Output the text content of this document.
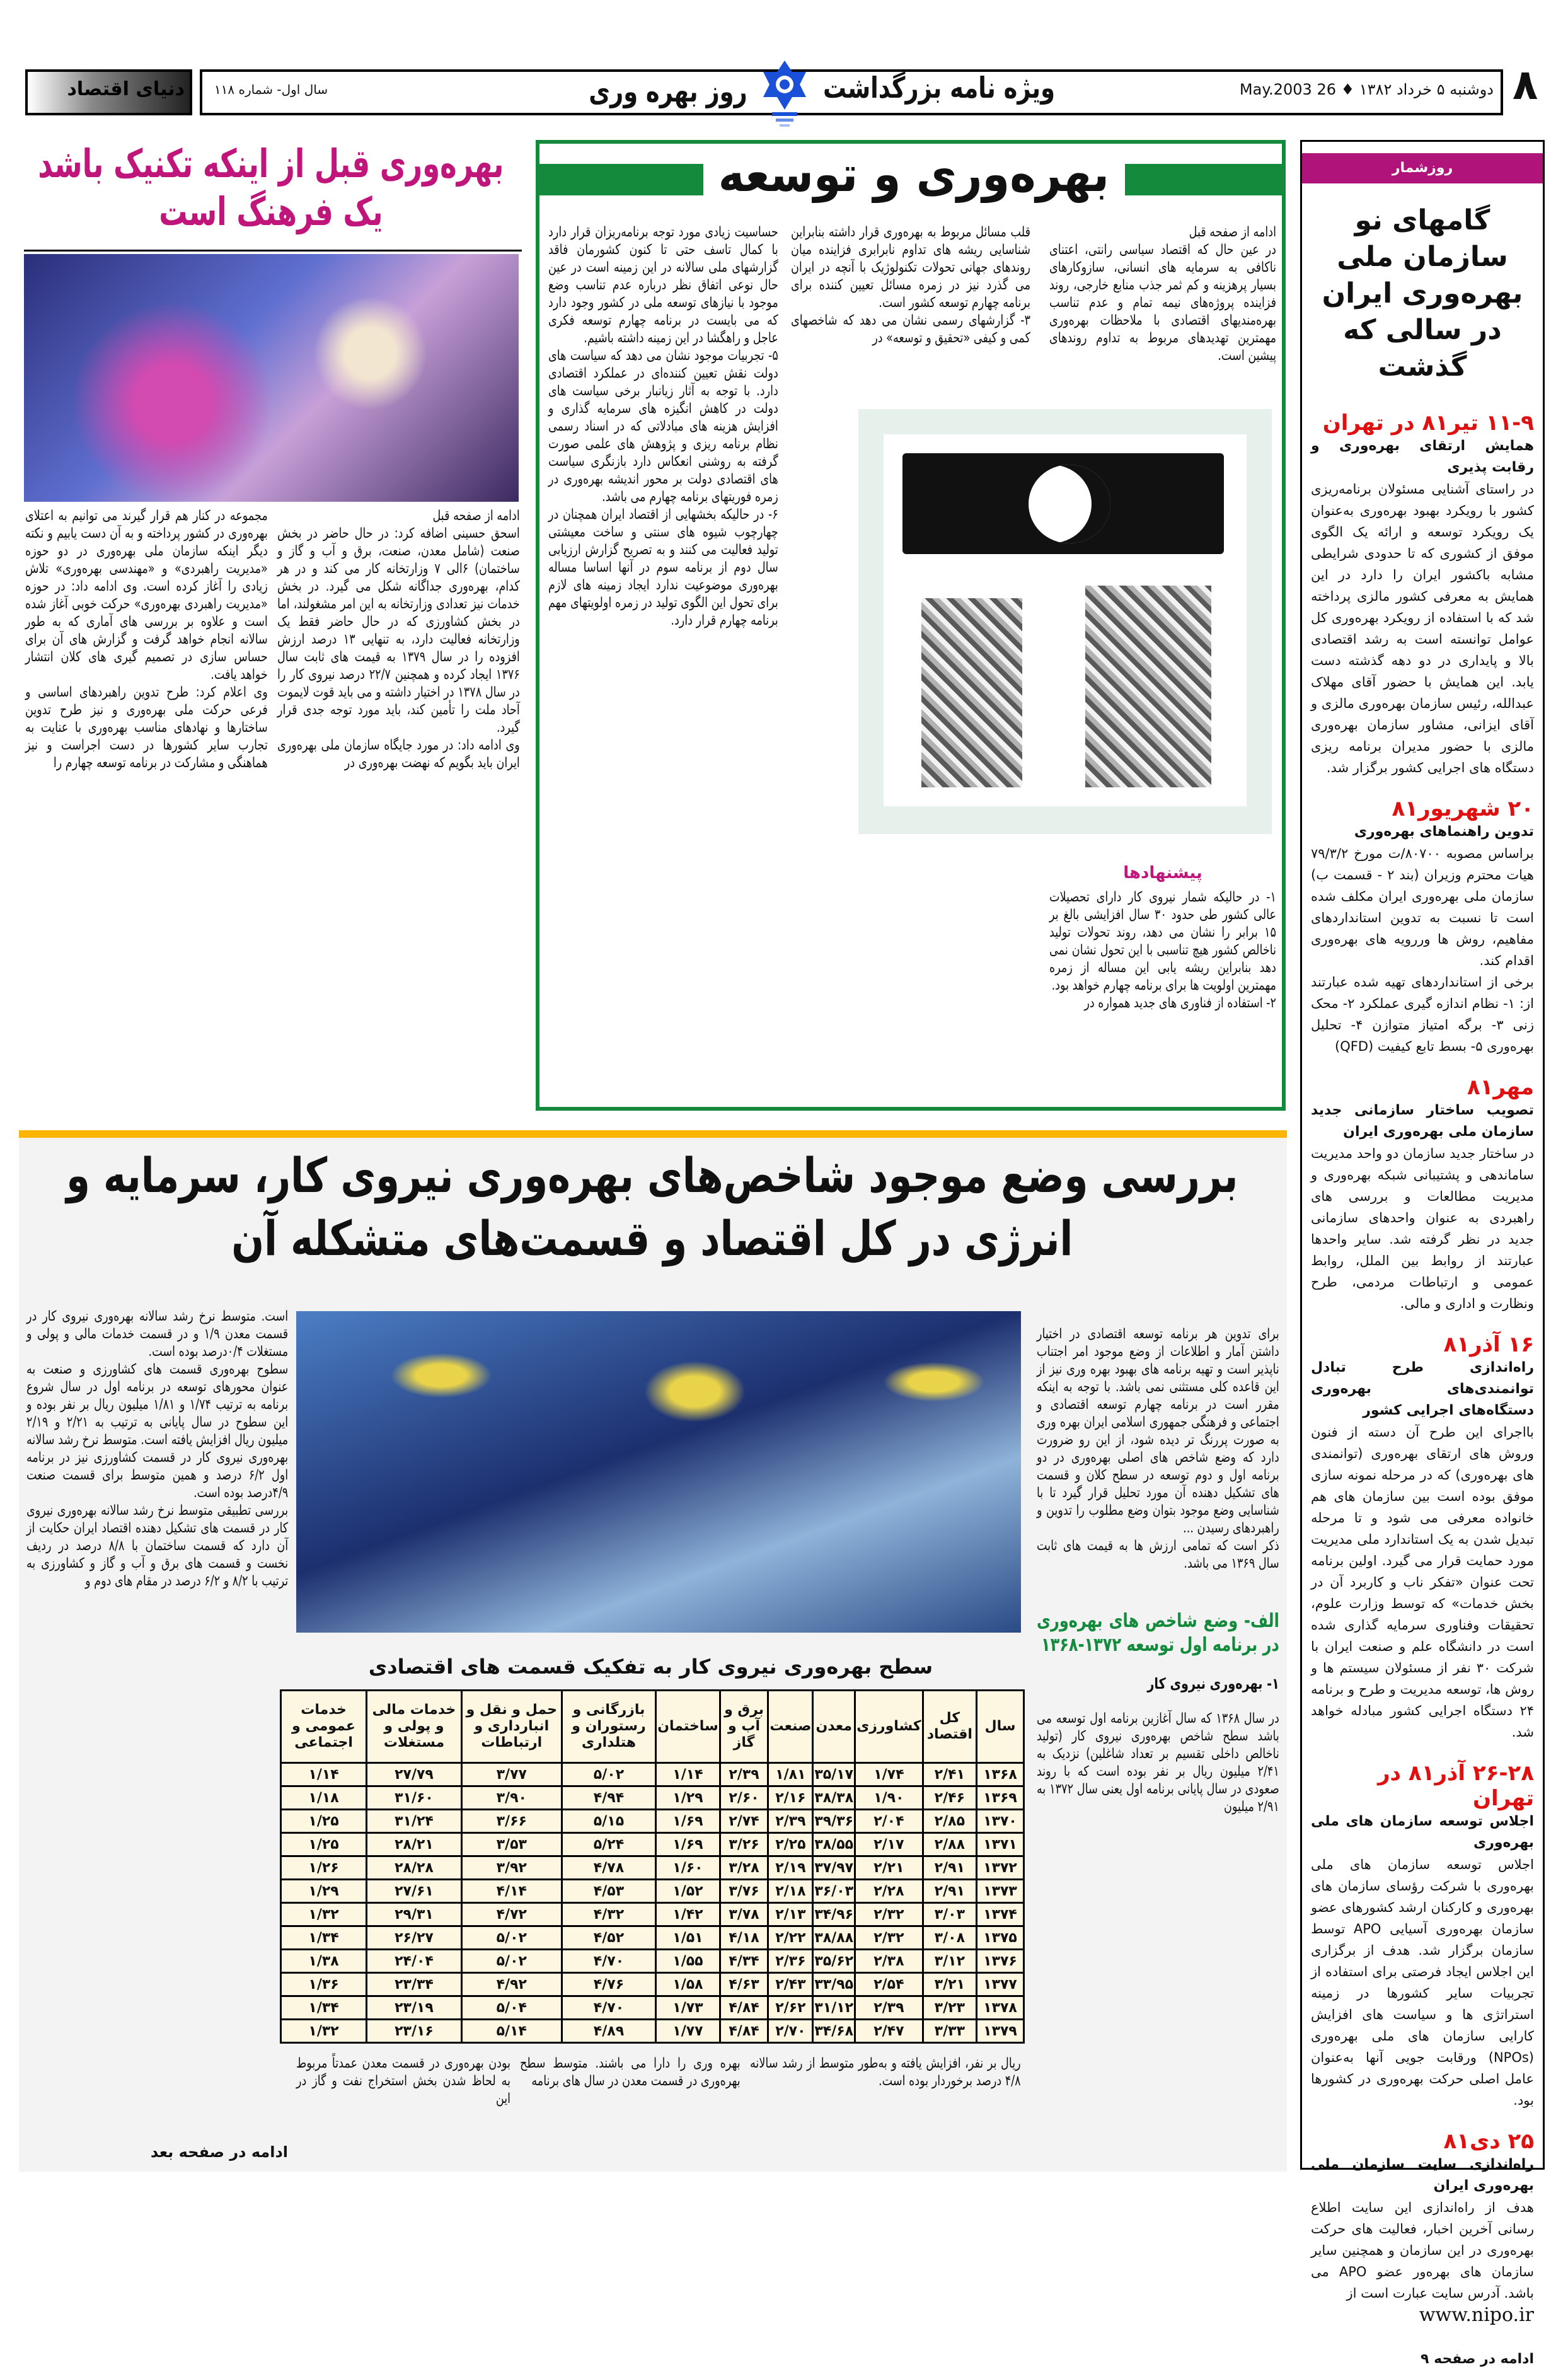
۸
دوشنبه ۵ خرداد ۱۳۸۲ ♦ 26 May.2003
ویژه نامه بزرگداشت
روز بهره وری
سال اول- شماره ۱۱۸
دنیای اقتصاد
بهره‌وری قبل از اینکه تکنیک باشد یک فرهنگ است
ادامه از صفحه قبل
اسحق حسینی اضافه کرد: در حال حاضر در بخش صنعت (شامل معدن، صنعت، برق و آب و گاز و ساختمان) ۶الی ۷ وزارتخانه کار می کند و در هر کدام، بهره‌وری جداگانه شکل می گیرد. در بخش خدمات نیز تعدادی وزارتخانه به این امر مشغولند، اما در بخش کشاورزی که در حال حاضر فقط یک وزارتخانه فعالیت دارد، به تنهایی ۱۳ درصد ارزش افزوده را در سال ۱۳۷۹ به قیمت های ثابت سال ۱۳۷۶ ایجاد کرده و همچنین ۲۲/۷ درصد نیروی کار را در سال ۱۳۷۸ در اختیار داشته و می باید قوت لایموت آحاد ملت را تأمین کند، باید مورد توجه جدی قرار گیرد.
وی ادامه داد: در مورد جایگاه سازمان ملی بهره‌وری ایران باید بگویم که نهضت بهره‌وری در
مجموعه در کنار هم قرار گیرند می توانیم به اعتلای بهره‌وری در کشور پرداخته و به آن دست یابیم و نکته دیگر اینکه سازمان ملی بهره‌وری در دو حوزه «مدیریت راهبردی» و «مهندسی بهره‌وری» تلاش زیادی را آغاز کرده است. وی ادامه داد: در حوزه «مدیریت راهبردی بهره‌وری» حرکت خوبی آغاز شده است و علاوه بر بررسی های آماری که به طور سالانه انجام خواهد گرفت و گزارش های آن برای حساس سازی در تصمیم گیری های کلان انتشار خواهد یافت.
وی اعلام کرد: طرح تدوین راهبردهای اساسی و فرعی حرکت ملی بهره‌وری و نیز طرح تدوین ساختارها و نهادهای مناسب بهره‌وری با عنایت به تجارب سایر کشورها در دست اجراست و نیز هماهنگی و مشارکت در برنامه توسعه چهارم را
بهره‌وری و توسعه
ادامه از صفحه قبل
در عین حال که اقتصاد سیاسی رانتی، اعتنای ناکافی به سرمایه های انسانی، سازوکارهای بسیار پرهزینه و کم ثمر جذب منابع خارجی، روند فزاینده پروژه‌های نیمه تمام و عدم تناسب بهره‌مندیهای اقتصادی با ملاحظات بهره‌وری مهمترین تهدیدهای مربوط به تداوم روندهای پیشین است.
قلب مسائل مربوط به بهره‌وری قرار داشته بنابراین شناسایی ریشه های تداوم نابرابری فزاینده میان روندهای جهانی تحولات تکنولوژیک با آنچه در ایران می گذرد نیز در زمره مسائل تعیین کننده برای برنامه چهارم توسعه کشور است.
۳- گزارشهای رسمی نشان می دهد که شاخصهای کمی و کیفی «تحقیق و توسعه» در
حساسیت زیادی مورد توجه برنامه‌ریزان قرار دارد با کمال تاسف حتی تا کنون کشورمان فاقد گزارشهای ملی سالانه در این زمینه است در عین حال نوعی اتفاق نظر درباره عدم تناسب وضع موجود با نیازهای توسعه ملی در کشور وجود دارد که می بایست در برنامه چهارم توسعه فکری عاجل و راهگشا در این زمینه داشته باشیم.
۵- تجربیات موجود نشان می دهد که سیاست های دولت نقش تعیین کننده‌ای در عملکرد اقتصادی دارد. با توجه به آثار زیانبار برخی سیاست های دولت در کاهش انگیزه های سرمایه گذاری و افزایش هزینه های مبادلاتی که در اسناد رسمی نظام برنامه ریزی و پژوهش های علمی صورت گرفته به روشنی انعکاس دارد بازنگری سیاست های اقتصادی دولت بر محور اندیشه بهره‌وری در زمره فوریتهای برنامه چهارم می باشد.
۶- در حالیکه بخشهایی از اقتصاد ایران همچنان در چهارچوب شیوه های سنتی و ساخت معیشتی تولید فعالیت می کنند و به تصریح گزارش ارزیابی سال دوم از برنامه سوم در آنها اساسا مساله بهره‌وری موضوعیت ندارد ایجاد زمینه های لازم برای تحول این الگوی تولید در زمره اولویتهای مهم برنامه چهارم قرار دارد.
پیشنهادها
۱- در حالیکه شمار نیروی کار دارای تحصیلات عالی کشور طی حدود ۳۰ سال افزایشی بالغ بر ۱۵ برابر را نشان می دهد، روند تحولات تولید ناخالص کشور هیچ تناسبی با این تحول نشان نمی دهد بنابراین ریشه یابی این مساله از زمره مهمترین اولویت ها برای برنامه چهارم خواهد بود.
۲- استفاده از فناوری های جدید همواره در
روزشمار
گامهای نو سازمان ملی بهره‌وری ایران در سالی که گذشت
۱۱-۹ تیر۸۱ در تهران
همایش ارتقای بهره‌وری و رقابت پذیری
در راستای آشنایی مسئولان برنامه‌ریزی کشور با رویکرد بهبود بهره‌وری به‌عنوان یک رویکرد توسعه و ارائه یک الگوی موفق از کشوری که تا حدودی شرایطی مشابه باکشور ایران را دارد در این همایش به معرفی کشور مالزی پرداخته شد که با استفاده از رویکرد بهره‌وری کل عوامل توانسته است به رشد اقتصادی بالا و پایداری در دو دهه گذشته دست یابد. این همایش با حضور آقای مهلاک عبدالله، رئیس سازمان بهره‌وری مالزی و آقای ایزانی، مشاور سازمان بهره‌وری مالزی با حضور مدیران برنامه ریزی دستگاه های اجرایی کشور برگزار شد.
۲۰ شهریور۸۱
تدوین راهنماهای بهره‌وری
براساس مصوبه ۸۰۷۰۰/ت مورخ ۷۹/۳/۲ هیات محترم وزیران (بند ۲ - قسمت ب) سازمان ملی بهره‌وری ایران مکلف شده است تا نسبت به تدوین استانداردهای مفاهیم، روش ها وررویه های بهره‌وری اقدام کند.
برخی از استانداردهای تهیه شده عبارتند از: ۱- نظام اندازه گیری عملکرد ۲- محک زنی ۳- برگه امتیاز متوازن ۴- تحلیل بهره‌وری ۵- بسط تابع کیفیت (QFD)
مهر۸۱
تصویب ساختار سازمانی جدید سازمان ملی بهره‌وری ایران
در ساختار جدید سازمان دو واحد مدیریت ساماندهی و پشتیبانی شبکه بهره‌وری و مدیریت مطالعات و بررسی های راهبردی به عنوان واحدهای سازمانی جدید در نظر گرفته شد. سایر واحدها عبارتند از روابط بین الملل، روابط عمومی و ارتباطات مردمی، طرح ونظارت و اداری و مالی.
۱۶ آذر۸۱
راه‌اندازی طرح تبادل توانمندی‌های بهره‌وری دستگاه‌های اجرایی کشور
بااجرای این طرح آن دسته از فنون وروش های ارتقای بهره‌وری (توانمندی های بهره‌وری) که در مرحله نمونه سازی موفق بوده است بین سازمان های هم خانواده معرفی می شود و تا مرحله تبدیل شدن به یک استاندارد ملی مدیریت مورد حمایت قرار می گیرد. اولین برنامه تحت عنوان «تفکر ناب و کاربرد آن در بخش خدمات» که توسط وزارت علوم، تحقیقات وفناوری سرمایه گذاری شده است در دانشگاه علم و صنعت ایران با شرکت ۳۰ نفر از مسئولان سیستم ها و روش ها، توسعه مدیریت و طرح و برنامه ۲۴ دستگاه اجرایی کشور مبادله خواهد شد.
۲۶-۲۸ آذر۸۱ در تهران
اجلاس توسعه سازمان های ملی بهره‌وری
اجلاس توسعه سازمان های ملی بهره‌وری با شرکت رؤسای سازمان های بهره‌وری و کارکنان ارشد کشورهای عضو سازمان بهره‌وری آسیایی APO توسط سازمان برگزار شد. هدف از برگزاری این اجلاس ایجاد فرصتی برای استفاده از تجربیات سایر کشورها در زمینه استراتژی ها و سیاست های افزایش کارایی سازمان های ملی بهره‌وری (NPOs) ورقابت جویی آنها به‌عنوان عامل اصلی حرکت بهره‌وری در کشورها بود.
۲۵ دی۸۱
راه‌اندازی سایت سازمان ملی بهره‌وری ایران
هدف از راه‌اندازی این سایت اطلاع رسانی آخرین اخبار، فعالیت های حرکت بهره‌وری در این سازمان و همچنین سایر سازمان های بهره‌ور عضو APO می باشد. آدرس سایت عبارت است از
www.nipo.ir
ادامه در صفحه ۹
بررسی وضع موجود شاخص‌های بهره‌وری نیروی کار، سرمایه و انرژی در کل اقتصاد و قسمت‌های متشکله آن

برای تدوین هر برنامه توسعه اقتصادی در اختیار داشتن آمار و اطلاعات از وضع موجود امر اجتناب ناپذیر است و تهیه برنامه های بهبود بهره وری نیز از این قاعده کلی مستثنی نمی باشد. با توجه به اینکه مقرر است در برنامه چهارم توسعه اقتصادی و اجتماعی و فرهنگی جمهوری اسلامی ایران بهره وری به صورت پررنگ تر دیده شود، از این رو ضرورت دارد که وضع شاخص های اصلی بهره‌وری در دو برنامه اول و دوم توسعه در سطح کلان و قسمت های تشکیل دهنده آن مورد تحلیل قرار گیرد تا با شناسایی وضع موجود بتوان وضع مطلوب را تدوین و راهبردهای رسیدن ...
ذکر است که تمامی ارزش ها به قیمت های ثابت سال ۱۳۶۹ می باشد.

الف- وضع شاخص های بهره‌وری در برنامه اول توسعه ۱۳۷۲-۱۳۶۸

۱- بهره‌وری نیروی کار

در سال ۱۳۶۸ که سال آغازین برنامه اول توسعه می باشد سطح شاخص بهره‌وری نیروی کار (تولید ناخالص داخلی تقسیم بر تعداد شاغلین) نزدیک به ۲/۴۱ میلیون ریال بر نفر بوده است که با روند صعودی در سال پایانی برنامه اول یعنی سال ۱۳۷۲ به ۲/۹۱ میلیون

سطح بهره‌وری نیروی کار به تفکیک قسمت های اقتصادی
سال	کل اقتصاد	کشاورزی	معدن	صنعت	برق و آب و گاز	ساختمان	بازرگانی و رستوران و هتلداری	حمل و نقل و انبارداری و ارتباطات	خدمات مالی و پولی و مستغلات	خدمات عمومی و اجتماعی
۱۳۶۸	۲/۴۱	۱/۷۴	۳۵/۱۷	۱/۸۱	۲/۳۹	۱/۱۴	۵/۰۲	۳/۷۷	۲۷/۷۹	۱/۱۴
۱۳۶۹	۲/۴۶	۱/۹۰	۳۸/۳۸	۲/۱۶	۲/۶۰	۱/۲۹	۴/۹۴	۳/۹۰	۳۱/۶۰	۱/۱۸
۱۳۷۰	۲/۸۵	۲/۰۴	۳۹/۳۶	۲/۳۹	۲/۷۴	۱/۶۹	۵/۱۵	۳/۶۶	۳۱/۲۴	۱/۲۵
۱۳۷۱	۲/۸۸	۲/۱۷	۳۸/۵۵	۲/۲۵	۳/۲۶	۱/۶۹	۵/۲۴	۳/۵۳	۲۸/۲۱	۱/۲۵
۱۳۷۲	۲/۹۱	۲/۲۱	۳۷/۹۷	۲/۱۹	۳/۲۸	۱/۶۰	۴/۷۸	۳/۹۲	۲۸/۲۸	۱/۲۶
۱۳۷۳	۲/۹۱	۲/۲۸	۳۶/۰۳	۲/۱۸	۳/۷۶	۱/۵۲	۴/۵۳	۴/۱۴	۲۷/۶۱	۱/۲۹
۱۳۷۴	۳/۰۳	۲/۳۲	۳۴/۹۶	۲/۱۳	۳/۷۸	۱/۴۲	۴/۳۲	۴/۷۲	۲۹/۳۱	۱/۳۲
۱۳۷۵	۳/۰۸	۲/۳۲	۳۸/۸۸	۲/۲۲	۴/۱۸	۱/۵۱	۴/۵۲	۵/۰۲	۲۶/۲۷	۱/۳۴
۱۳۷۶	۳/۱۲	۲/۳۸	۳۵/۶۲	۲/۳۶	۴/۳۴	۱/۵۵	۴/۷۰	۵/۰۲	۲۴/۰۴	۱/۳۸
۱۳۷۷	۳/۲۱	۲/۵۴	۳۳/۹۵	۲/۴۳	۴/۶۳	۱/۵۸	۴/۷۶	۴/۹۲	۲۳/۳۴	۱/۳۶
۱۳۷۸	۳/۲۳	۲/۳۹	۳۱/۱۲	۲/۶۲	۴/۸۴	۱/۷۳	۴/۷۰	۵/۰۴	۲۳/۱۹	۱/۳۴
۱۳۷۹	۳/۳۳	۲/۴۷	۳۴/۶۸	۲/۷۰	۴/۸۴	۱/۷۷	۴/۸۹	۵/۱۴	۲۳/۱۶	۱/۳۲
ریال بر نفر، افزایش یافته و به‌طور متوسط از رشد سالانه ۴/۸ درصد برخوردار بوده است.
بهره وری را دارا می باشند. متوسط سطح بهره‌وری در قسمت معدن در سال های برنامه
بودن بهره‌وری در قسمت معدن عمدتاً مربوط به لحاظ شدن بخش استخراج نفت و گاز در این
است. متوسط نرخ رشد سالانه بهره‌وری نیروی کار در قسمت معدن ۱/۹ و در قسمت خدمات مالی و پولی و مستغلات ۰/۴درصد بوده است.
سطوح بهره‌وری قسمت های کشاورزی و صنعت به عنوان محورهای توسعه در برنامه اول در سال شروع برنامه به ترتیب ۱/۷۴ و ۱/۸۱ میلیون ریال بر نفر بوده و این سطوح در سال پایانی به ترتیب به ۲/۲۱ و ۲/۱۹ میلیون ریال افزایش یافته است. متوسط نرخ رشد سالانه بهره‌وری نیروی کار در قسمت کشاورزی نیز در برنامه اول ۶/۲ درصد و همین متوسط برای قسمت صنعت ۴/۹درصد بوده است.
بررسی تطبیقی متوسط نرخ رشد سالانه بهره‌وری نیروی کار در قسمت های تشکیل دهنده اقتصاد ایران حکایت از آن دارد که قسمت ساختمان با ۸/۸ درصد در ردیف نخست و قسمت های برق و آب و گاز و کشاورزی به ترتیب با ۸/۲ و ۶/۲ درصد در مقام های دوم و
ادامه در صفحه بعد
